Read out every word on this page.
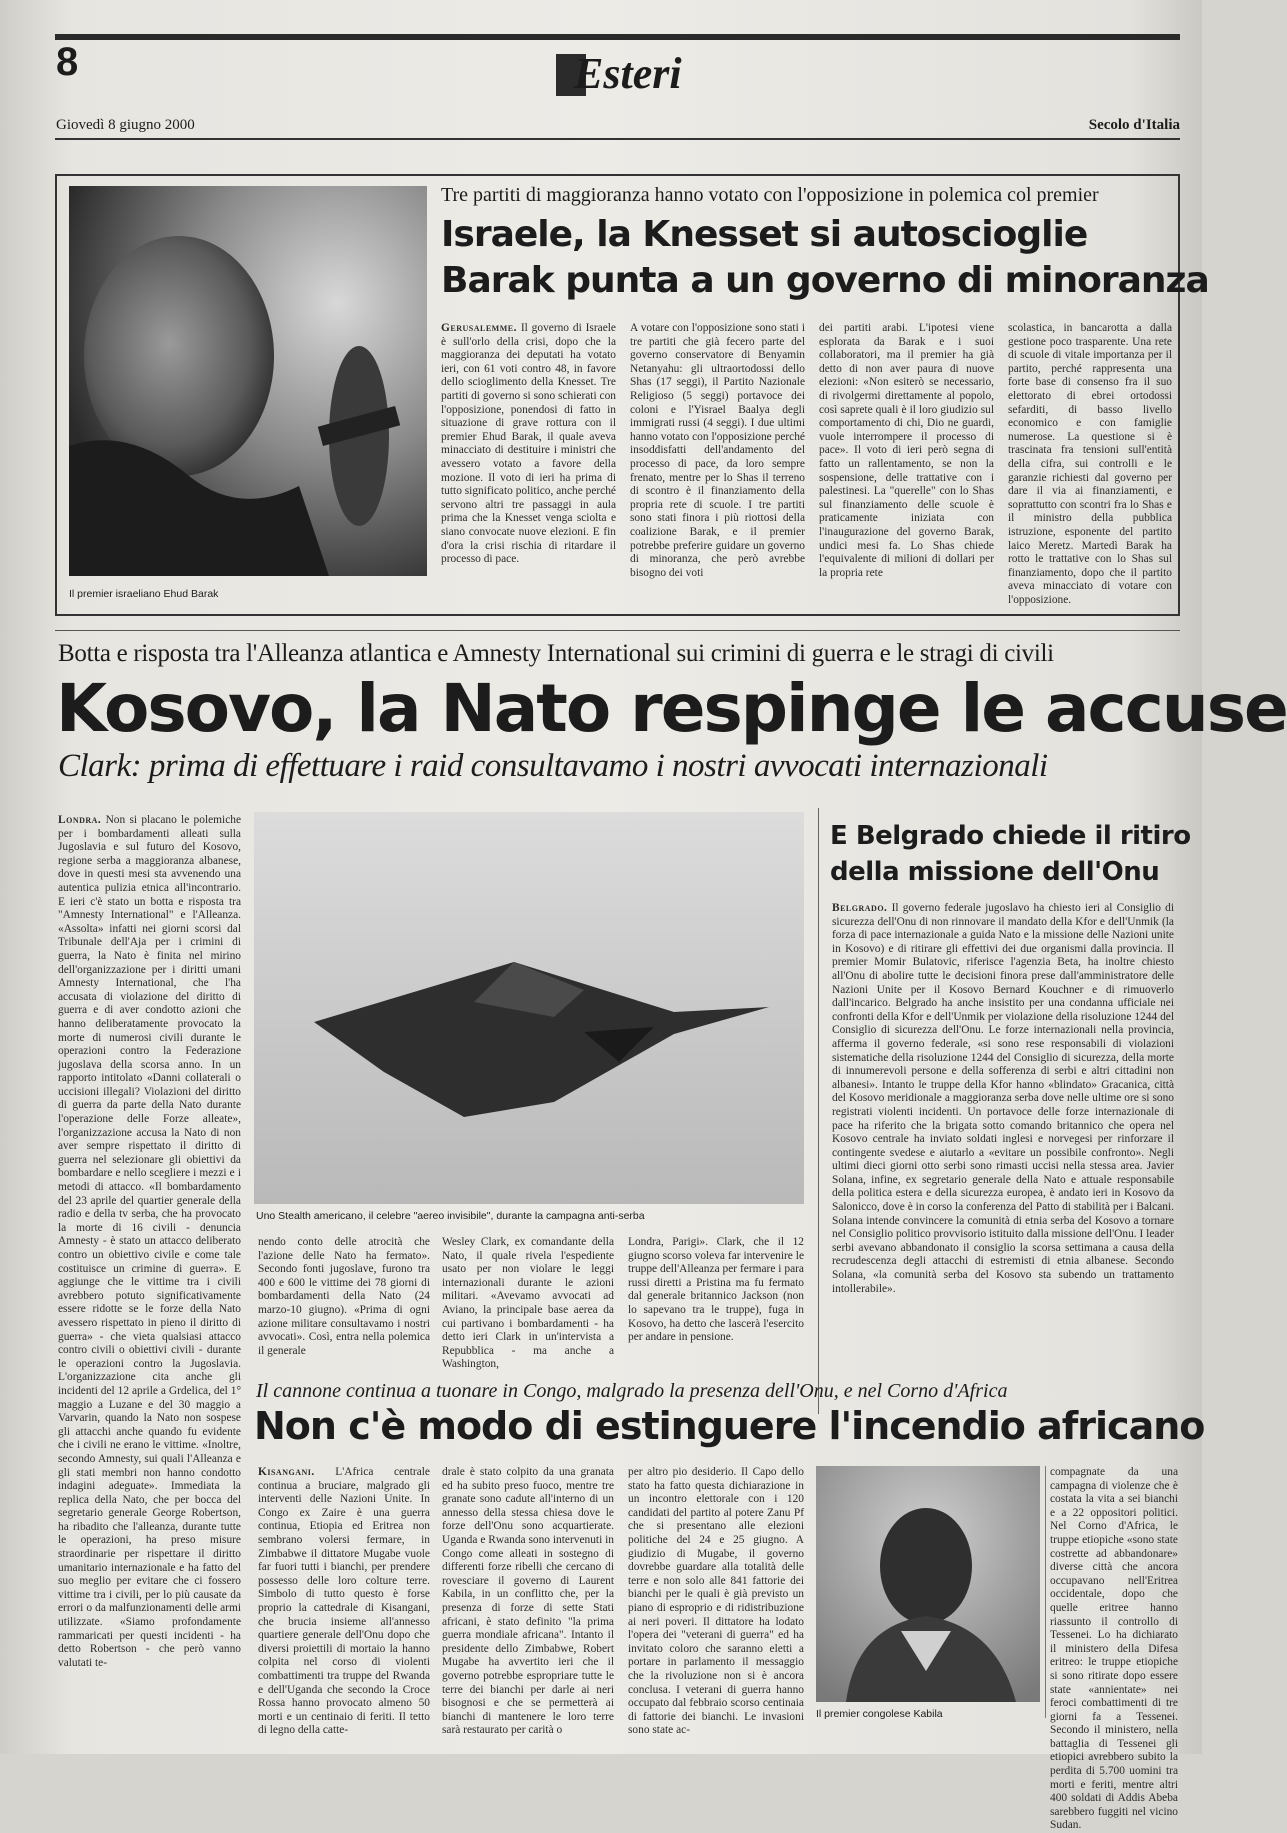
8	Esteri
Giovedì 8 giugno 2000	Secolo d'Italia
Il premier israeliano Ehud Barak
Tre partiti di maggioranza hanno votato con l'opposizione in polemica col premier
Israele, la Knesset si autoscioglie
Barak punta a un governo di minoranza
Gerusalemme. Il governo di Israele è sull'orlo della crisi, dopo che la maggioranza dei deputati ha votato ieri, con 61 voti contro 48, in favore dello scioglimento della Knesset. Tre partiti di governo si sono schierati con l'opposizione, ponendosi di fatto in situazione di grave rottura con il premier Ehud Barak, il quale aveva minacciato di destituire i ministri che avessero votato a favore della mozione. Il voto di ieri ha prima di tutto significato politico, anche perché servono altri tre passaggi in aula prima che la Knesset venga sciolta e siano convocate nuove elezioni. E fin d'ora la crisi rischia di ritardare il processo di pace.
A votare con l'opposizione sono stati i tre partiti che già fecero parte del governo conservatore di Benyamin Netanyahu: gli ultraortodossi dello Shas (17 seggi), il Partito Nazionale Religioso (5 seggi) portavoce dei coloni e l'Yisrael Baalya degli immigrati russi (4 seggi). I due ultimi hanno votato con l'opposizione perché insoddisfatti dell'andamento del processo di pace, da loro sempre frenato, mentre per lo Shas il terreno di scontro è il finanziamento della propria rete di scuole. I tre partiti sono stati finora i più riottosi della coalizione Barak, e il premier potrebbe preferire guidare un governo di minoranza, che però avrebbe bisogno dei voti
dei partiti arabi. L'ipotesi viene esplorata da Barak e i suoi collaboratori, ma il premier ha già detto di non aver paura di nuove elezioni: «Non esiterò se necessario, di rivolgermi direttamente al popolo, così saprete quali è il loro giudizio sul comportamento di chi, Dio ne guardi, vuole interrompere il processo di pace». Il voto di ieri però segna di fatto un rallentamento, se non la sospensione, delle trattative con i palestinesi. La "querelle" con lo Shas sul finanziamento delle scuole è praticamente iniziata con l'inaugurazione del governo Barak, undici mesi fa. Lo Shas chiede l'equivalente di milioni di dollari per la propria rete
scolastica, in bancarotta a dalla gestione poco trasparente. Una rete di scuole di vitale importanza per il partito, perché rappresenta una forte base di consenso fra il suo elettorato di ebrei ortodossi sefarditi, di basso livello economico e con famiglie numerose. La questione si è trascinata fra tensioni sull'entità della cifra, sui controlli e le garanzie richiesti dal governo per dare il via ai finanziamenti, e soprattutto con scontri fra lo Shas e il ministro della pubblica istruzione, esponente del partito laico Meretz. Martedì Barak ha rotto le trattative con lo Shas sul finanziamento, dopo che il partito aveva minacciato di votare con l'opposizione.
Botta e risposta tra l'Alleanza atlantica e Amnesty International sui crimini di guerra e le stragi di civili
Kosovo, la Nato respinge le accuse
Clark: prima di effettuare i raid consultavamo i nostri avvocati internazionali
Londra. Non si placano le polemiche per i bombardamenti alleati sulla Jugoslavia e sul futuro del Kosovo, regione serba a maggioranza albanese, dove in questi mesi sta avvenendo una autentica pulizia etnica all'incontrario. E ieri c'è stato un botta e risposta tra "Amnesty International" e l'Alleanza. «Assolta» infatti nei giorni scorsi dal Tribunale dell'Aja per i crimini di guerra, la Nato è finita nel mirino dell'organizzazione per i diritti umani Amnesty International, che l'ha accusata di violazione del diritto di guerra e di aver condotto azioni che hanno deliberatamente provocato la morte di numerosi civili durante le operazioni contro la Federazione jugoslava della scorsa anno. In un rapporto intitolato «Danni collaterali o uccisioni illegali? Violazioni del diritto di guerra da parte della Nato durante l'operazione delle Forze alleate», l'organizzazione accusa la Nato di non aver sempre rispettato il diritto di guerra nel selezionare gli obiettivi da bombardare e nello scegliere i mezzi e i metodi di attacco. «Il bombardamento del 23 aprile del quartier generale della radio e della tv serba, che ha provocato la morte di 16 civili - denuncia Amnesty - è stato un attacco deliberato contro un obiettivo civile e come tale costituisce un crimine di guerra». E aggiunge che le vittime tra i civili avrebbero potuto significativamente essere ridotte se le forze della Nato avessero rispettato in pieno il diritto di guerra» - che vieta qualsiasi attacco contro civili o obiettivi civili - durante le operazioni contro la Jugoslavia. L'organizzazione cita anche gli incidenti del 12 aprile a Grdelica, del 1° maggio a Luzane e del 30 maggio a Varvarin, quando la Nato non sospese gli attacchi anche quando fu evidente che i civili ne erano le vittime. «Inoltre, secondo Amnesty, sui quali l'Alleanza e gli stati membri non hanno condotto indagini adeguate». Immediata la replica della Nato, che per bocca del segretario generale George Robertson, ha ribadito che l'alleanza, durante tutte le operazioni, ha preso misure straordinarie per rispettare il diritto umanitario internazionale e ha fatto del suo meglio per evitare che ci fossero vittime tra i civili, per lo più causate da errori o da malfunzionamenti delle armi utilizzate. «Siamo profondamente rammaricati per questi incidenti - ha detto Robertson - che però vanno valutati te-
Uno Stealth americano, il celebre "aereo invisibile", durante la campagna anti-serba
nendo conto delle atrocità che l'azione delle Nato ha fermato». Secondo fonti jugoslave, furono tra 400 e 600 le vittime dei 78 giorni di bombardamenti della Nato (24 marzo-10 giugno). «Prima di ogni azione militare consultavamo i nostri avvocati». Così, entra nella polemica il generale
Wesley Clark, ex comandante della Nato, il quale rivela l'espediente usato per non violare le leggi internazionali durante le azioni militari. «Avevamo avvocati ad Aviano, la principale base aerea da cui partivano i bombardamenti - ha detto ieri Clark in un'intervista a Repubblica - ma anche a Washington,
Londra, Parigi». Clark, che il 12 giugno scorso voleva far intervenire le truppe dell'Alleanza per fermare i para russi diretti a Pristina ma fu fermato dal generale britannico Jackson (non lo sapevano tra le truppe), fuga in Kosovo, ha detto che lascerà l'esercito per andare in pensione.
E Belgrado chiede il ritiro
della missione dell'Onu
Belgrado. Il governo federale jugoslavo ha chiesto ieri al Consiglio di sicurezza dell'Onu di non rinnovare il mandato della Kfor e dell'Unmik (la forza di pace internazionale a guida Nato e la missione delle Nazioni unite in Kosovo) e di ritirare gli effettivi dei due organismi dalla provincia. Il premier Momir Bulatovic, riferisce l'agenzia Beta, ha inoltre chiesto all'Onu di abolire tutte le decisioni finora prese dall'amministratore delle Nazioni Unite per il Kosovo Bernard Kouchner e di rimuoverlo dall'incarico. Belgrado ha anche insistito per una condanna ufficiale nei confronti della Kfor e dell'Unmik per violazione della risoluzione 1244 del Consiglio di sicurezza dell'Onu. Le forze internazionali nella provincia, afferma il governo federale, «si sono rese responsabili di violazioni sistematiche della risoluzione 1244 del Consiglio di sicurezza, della morte di innumerevoli persone e della sofferenza di serbi e altri cittadini non albanesi». Intanto le truppe della Kfor hanno «blindato» Gracanica, città del Kosovo meridionale a maggioranza serba dove nelle ultime ore si sono registrati violenti incidenti. Un portavoce delle forze internazionale di pace ha riferito che la brigata sotto comando britannico che opera nel Kosovo centrale ha inviato soldati inglesi e norvegesi per rinforzare il contingente svedese e aiutarlo a «evitare un possibile confronto». Negli ultimi dieci giorni otto serbi sono rimasti uccisi nella stessa area. Javier Solana, infine, ex segretario generale della Nato e attuale responsabile della politica estera e della sicurezza europea, è andato ieri in Kosovo da Salonicco, dove è in corso la conferenza del Patto di stabilità per i Balcani. Solana intende convincere la comunità di etnia serba del Kosovo a tornare nel Consiglio politico provvisorio istituito dalla missione dell'Onu. I leader serbi avevano abbandonato il consiglio la scorsa settimana a causa della recrudescenza degli attacchi di estremisti di etnia albanese. Secondo Solana, «la comunità serba del Kosovo sta subendo un trattamento intollerabile».
Il cannone continua a tuonare in Congo, malgrado la presenza dell'Onu, e nel Corno d'Africa
Non c'è modo di estinguere l'incendio africano
Kisangani. L'Africa centrale continua a bruciare, malgrado gli interventi delle Nazioni Unite. In Congo ex Zaire è una guerra continua, Etiopia ed Eritrea non sembrano volersi fermare, in Zimbabwe il dittatore Mugabe vuole far fuori tutti i bianchi, per prendere possesso delle loro colture terre. Simbolo di tutto questo è forse proprio la cattedrale di Kisangani, che brucia insieme all'annesso quartiere generale dell'Onu dopo che diversi proiettili di mortaio la hanno colpita nel corso di violenti combattimenti tra truppe del Rwanda e dell'Uganda che secondo la Croce Rossa hanno provocato almeno 50 morti e un centinaio di feriti. Il tetto di legno della catte-
drale è stato colpito da una granata ed ha subito preso fuoco, mentre tre granate sono cadute all'interno di un annesso della stessa chiesa dove le forze dell'Onu sono acquartierate. Uganda e Rwanda sono intervenuti in Congo come alleati in sostegno di differenti forze ribelli che cercano di rovesciare il governo di Laurent Kabila, in un conflitto che, per la presenza di forze di sette Stati africani, è stato definito "la prima guerra mondiale africana". Intanto il presidente dello Zimbabwe, Robert Mugabe ha avvertito ieri che il governo potrebbe espropriare tutte le terre dei bianchi per darle ai neri bisognosi e che se permetterà ai bianchi di mantenere le loro terre sarà restaurato per carità o
per altro pio desiderio. Il Capo dello stato ha fatto questa dichiarazione in un incontro elettorale con i 120 candidati del partito al potere Zanu Pf che si presentano alle elezioni politiche del 24 e 25 giugno. A giudizio di Mugabe, il governo dovrebbe guardare alla totalità delle terre e non solo alle 841 fattorie dei bianchi per le quali è già previsto un piano di esproprio e di ridistribuzione ai neri poveri. Il dittatore ha lodato l'opera dei "veterani di guerra" ed ha invitato coloro che saranno eletti a portare in parlamento il messaggio che la rivoluzione non si è ancora conclusa. I veterani di guerra hanno occupato dal febbraio scorso centinaia di fattorie dei bianchi. Le invasioni sono state ac-
Il premier congolese Kabila
compagnate da una campagna di violenze che è costata la vita a sei bianchi e a 22 oppositori politici. Nel Corno d'Africa, le truppe etiopiche «sono state costrette ad abbandonare» diverse città che ancora occupavano nell'Eritrea occidentale, dopo che quelle eritree hanno riassunto il controllo di Tessenei. Lo ha dichiarato il ministero della Difesa eritreo: le truppe etiopiche si sono ritirate dopo essere state «annientate» nei feroci combattimenti di tre giorni fa a Tessenei. Secondo il ministero, nella battaglia di Tessenei gli etiopici avrebbero subito la perdita di 5.700 uomini tra morti e feriti, mentre altri 400 soldati di Addis Abeba sarebbero fuggiti nel vicino Sudan.
